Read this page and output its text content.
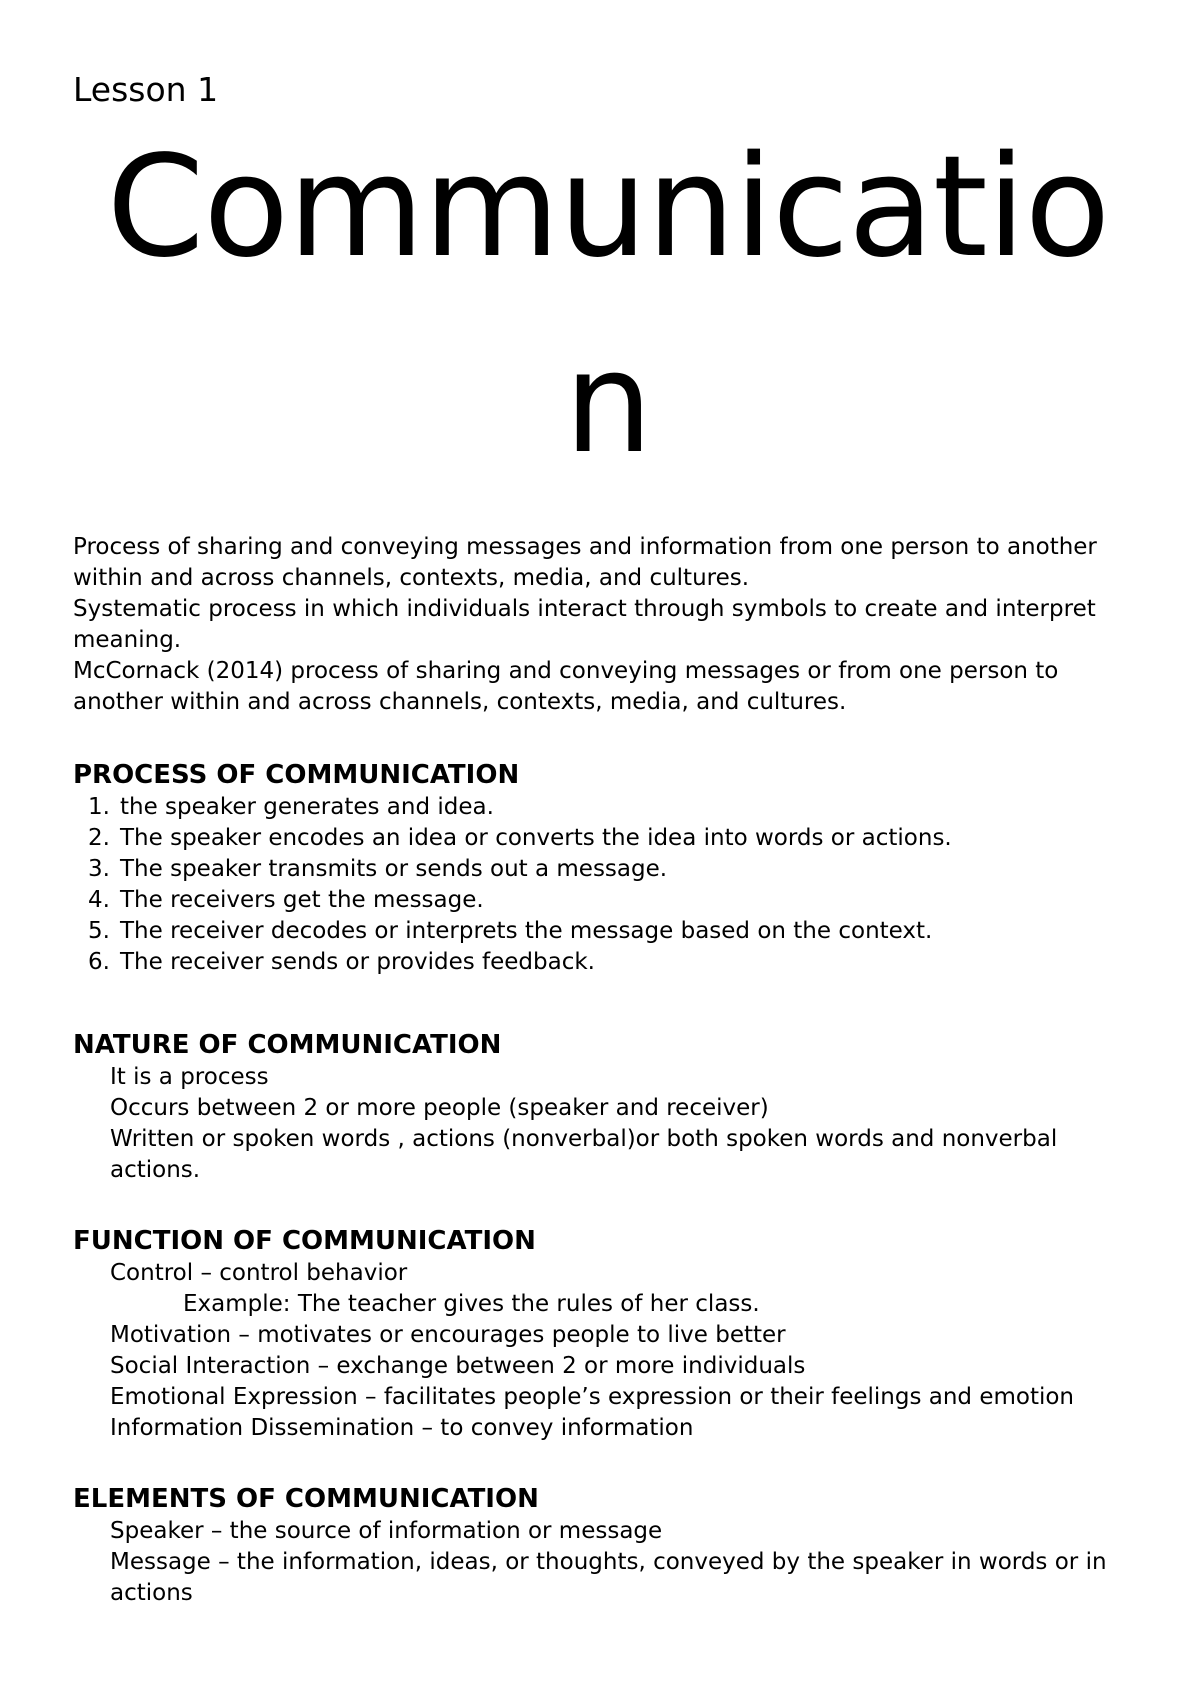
Lesson 1

Communicatio
n

Process of sharing and conveying messages and information from one person to another within and across channels, contexts, media, and cultures.

Systematic process in which individuals interact through symbols to create and interpret meaning.

McCornack (2014) process of sharing and conveying messages or from one person to another within and across channels, contexts, media, and cultures.

PROCESS OF COMMUNICATION
1. the speaker generates and idea.
2. The speaker encodes an idea or converts the idea into words or actions.
3. The speaker transmits or sends out a message.
4. The receivers get the message.
5. The receiver decodes or interprets the message based on the context.
6. The receiver sends or provides feedback.
NATURE OF COMMUNICATION

It is a process

Occurs between 2 or more people (speaker and receiver)

Written or spoken words , actions (nonverbal)or both spoken words and nonverbal actions.

FUNCTION OF COMMUNICATION

Control – control behavior

Example: The teacher gives the rules of her class.

Motivation – motivates or encourages people to live better

Social Interaction – exchange between 2 or more individuals

Emotional Expression – facilitates people’s expression or their feelings and emotion

Information Dissemination – to convey information

ELEMENTS OF COMMUNICATION

Speaker – the source of information or message

Message – the information, ideas, or thoughts, conveyed by the speaker in words or in actions
